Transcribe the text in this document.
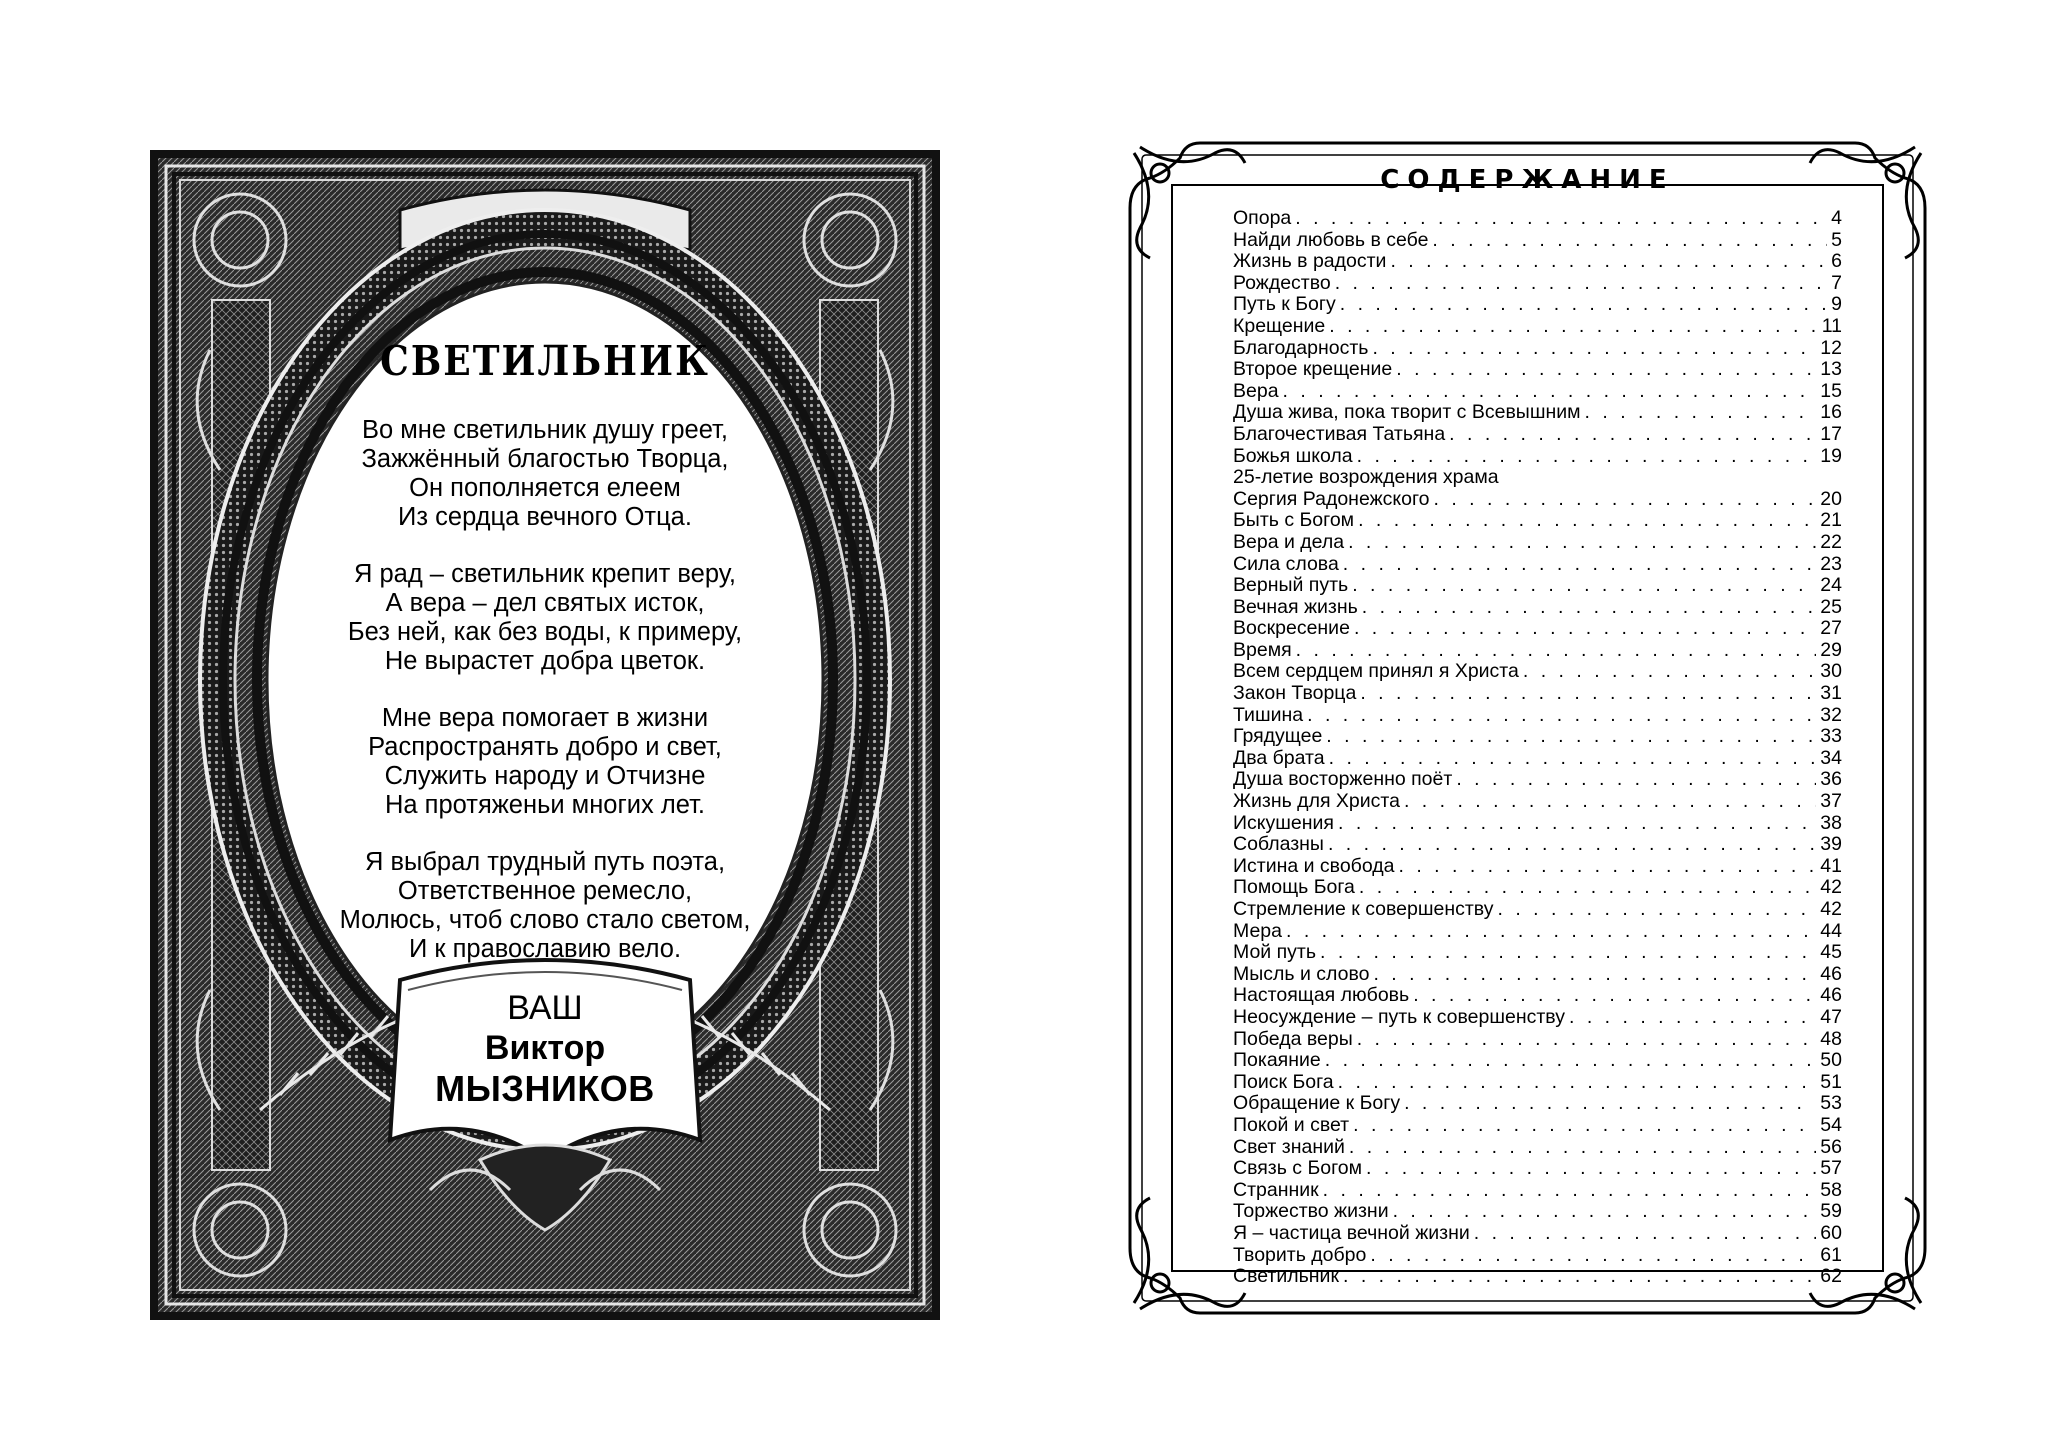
СВЕТИЛЬНИК
Во мне светильник душу греет,
Зажжённый благостью Творца,
Он пополняется елеем
Из сердца вечного Отца.
Я рад – светильник крепит веру,
А вера – дел святых исток,
Без ней, как без воды, к примеру,
Не вырастет добра цветок.
Мне вера помогает в жизни
Распространять добро и свет,
Служить народу и Отчизне
На протяженьи многих лет.
Я выбрал трудный путь поэта,
Ответственное ремесло,
Молюсь, чтоб слово стало светом,
И к православию вело.
ВАШ
Виктор
МЫЗНИКОВ
СОДЕРЖАНИЕ
Опора . . .	4
Найди любовь в себе . . .	5
Жизнь в радости . . .	6
Рождество . . .	7
Путь к Богу . . .	9
Крещение . . .	11
Благодарность . . .	12
Второе крещение . . .	13
Вера . . .	15
Душа жива, пока творит с Всевышним . . .	16
Благочестивая Татьяна . . .	17
Божья школа . . .	19
25-летие возрождения храма
Сергия Радонежского . . .	20
Быть с Богом . . .	21
Вера и дела . . .	22
Сила слова . . .	23
Верный путь . . .	24
Вечная жизнь . . .	25
Воскресение . . .	27
Время . . .	29
Всем сердцем принял я Христа . . .	30
Закон Творца . . .	31
Тишина . . .	32
Грядущее . . .	33
Два брата . . .	34
Душа восторженно поёт . . .	36
Жизнь для Христа . . .	37
Искушения . . .	38
Соблазны . . .	39
Истина и свобода . . .	41
Помощь Бога . . .	42
Стремление к совершенству . . .	42
Мера . . .	44
Мой путь . . .	45
Мысль и слово . . .	46
Настоящая любовь . . .	46
Неосуждение – путь к совершенству . . .	47
Победа веры . . .	48
Покаяние . . .	50
Поиск Бога . . .	51
Обращение к Богу . . .	53
Покой и свет . . .	54
Свет знаний . . .	56
Связь с Богом . . .	57
Странник . . .	58
Торжество жизни . . .	59
Я – частица вечной жизни . . .	60
Творить добро . . .	61
Светильник . . .	62
